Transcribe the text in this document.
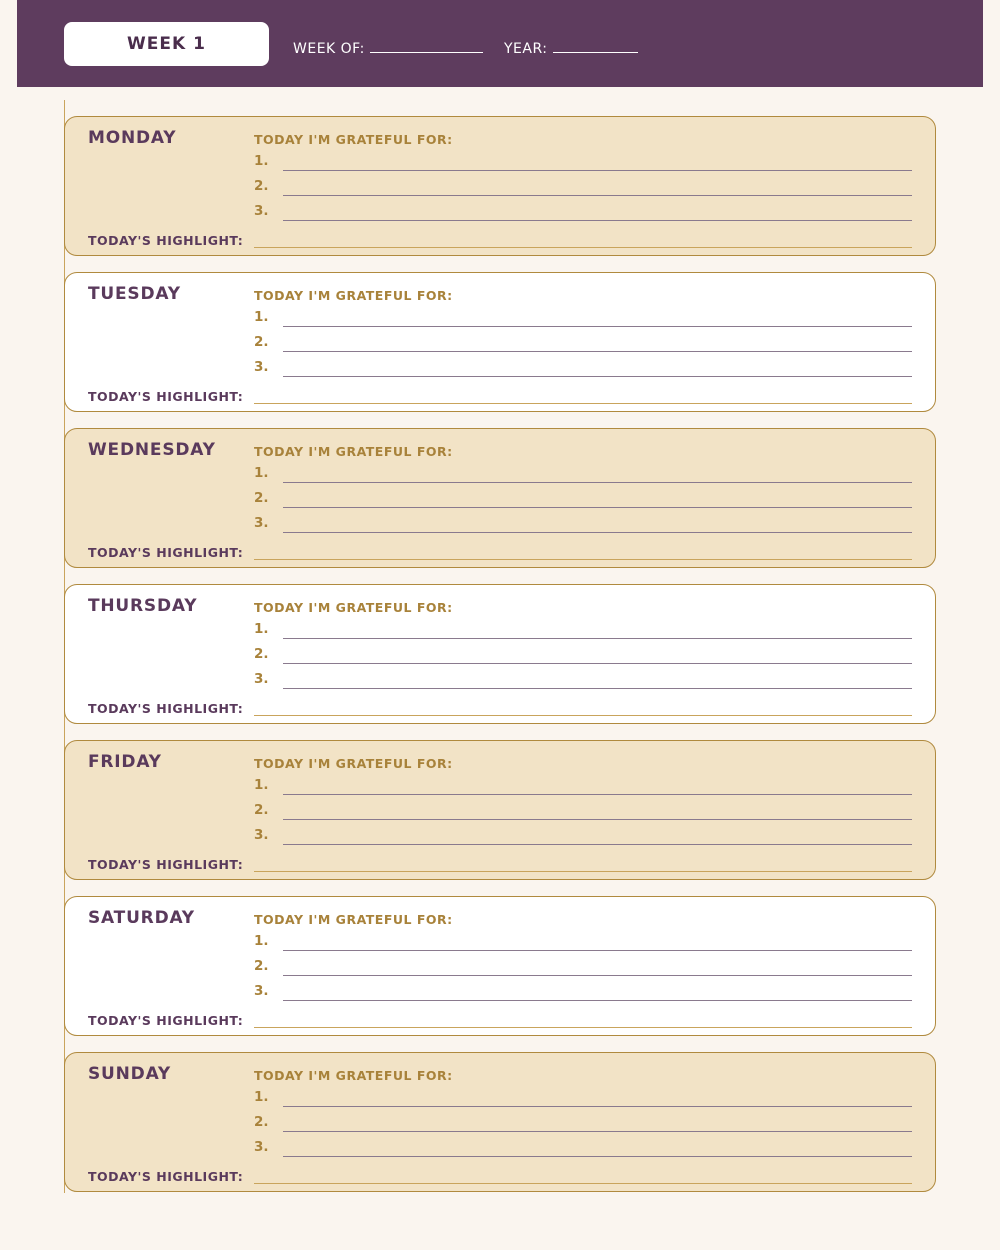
WEEK 1	WEEK OF:	YEAR:
MONDAY	TODAY I'M GRATEFUL FOR:
1.
2.
3.
TODAY'S HIGHLIGHT:
TUESDAY	TODAY I'M GRATEFUL FOR:
1.
2.
3.
TODAY'S HIGHLIGHT:
WEDNESDAY	TODAY I'M GRATEFUL FOR:
1.
2.
3.
TODAY'S HIGHLIGHT:
THURSDAY	TODAY I'M GRATEFUL FOR:
1.
2.
3.
TODAY'S HIGHLIGHT:
FRIDAY	TODAY I'M GRATEFUL FOR:
1.
2.
3.
TODAY'S HIGHLIGHT:
SATURDAY	TODAY I'M GRATEFUL FOR:
1.
2.
3.
TODAY'S HIGHLIGHT:
SUNDAY	TODAY I'M GRATEFUL FOR:
1.
2.
3.
TODAY'S HIGHLIGHT:
